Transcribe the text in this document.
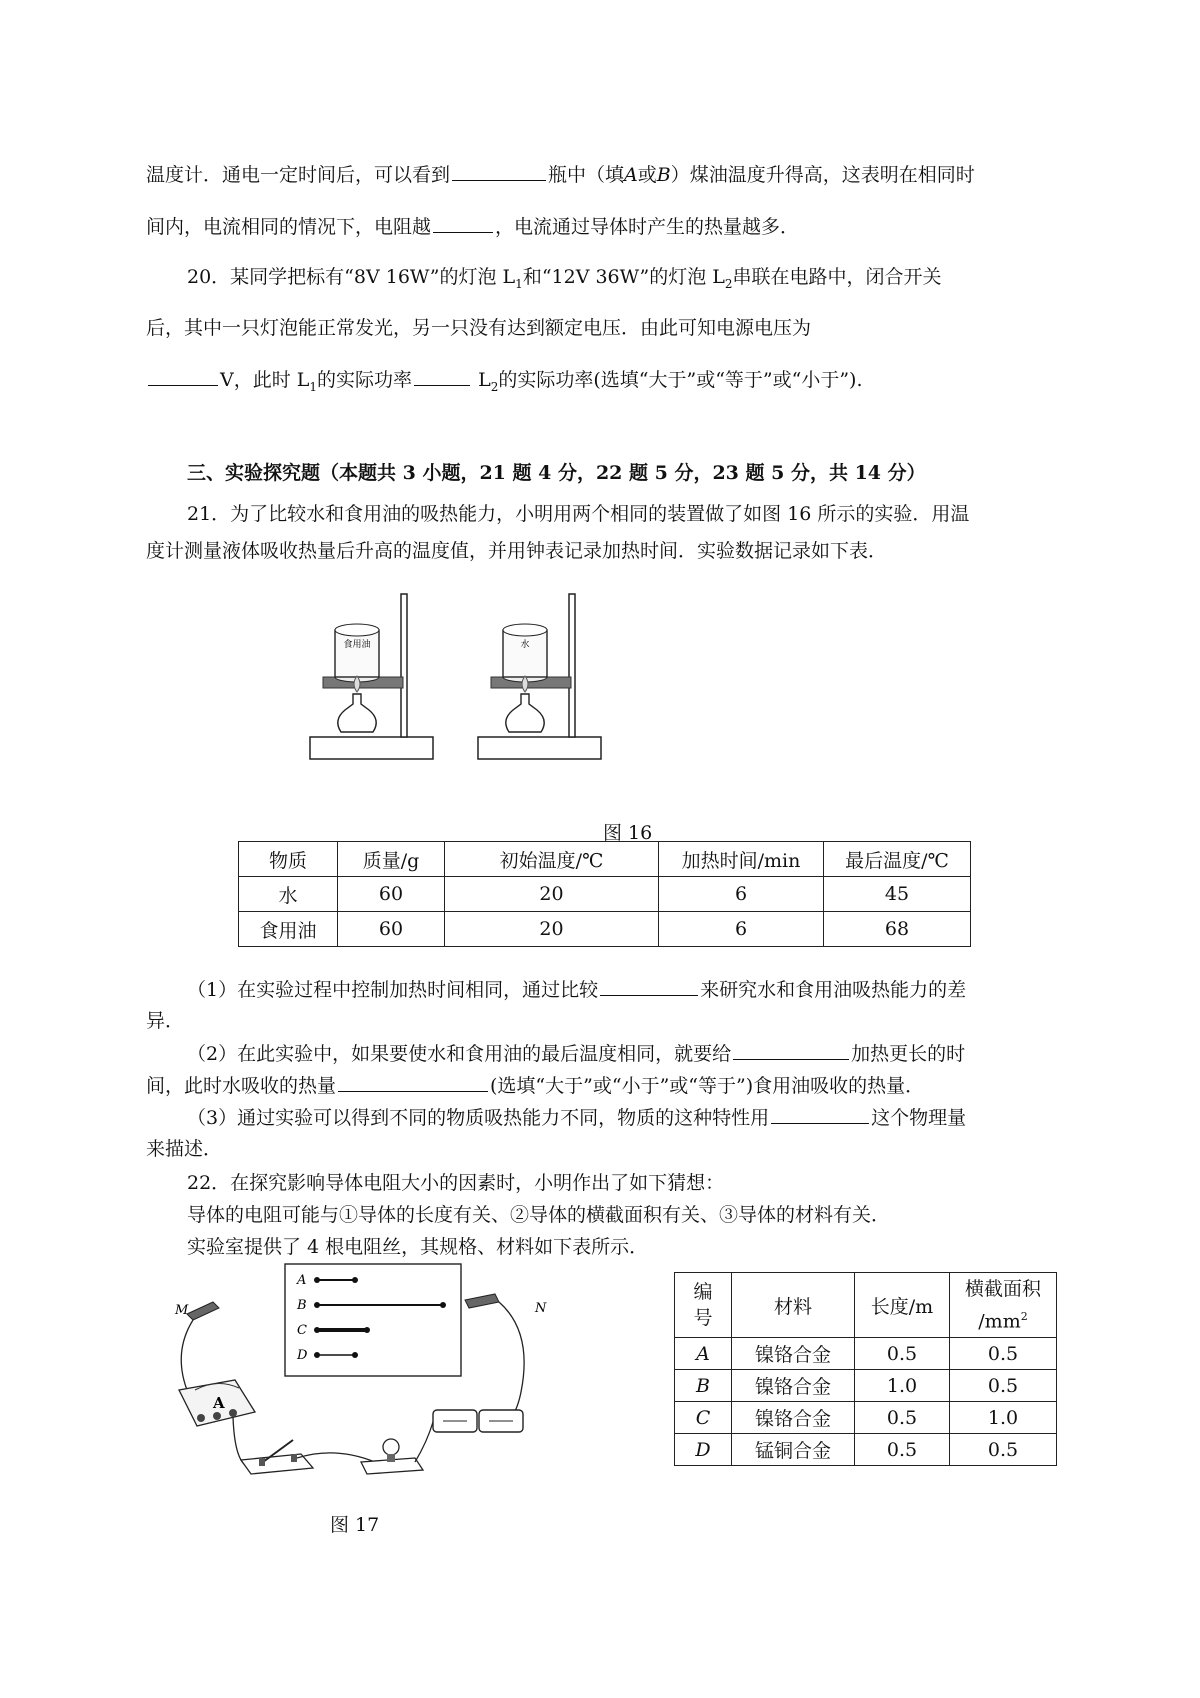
温度计．通电一定时间后，可以看到	瓶中（填A或B）煤油温度升得高，这表明在相同时
间内，电流相同的情况下，电阻越	，电流通过导体时产生的热量越多．
20．某同学把标有“8V 16W”的灯泡 $L_1$和“12V 36W”的灯泡 $L_2$串联在电路中，闭合开关
后，其中一只灯泡能正常发光，另一只没有达到额定电压．由此可知电源电压为
V，此时 $L_1$的实际功率	$L_2$的实际功率(选填“大于”或“等于”或“小于”).
三、实验探究题（本题共 3 小题，21 题 4 分，22 题 5 分，23 题 5 分，共 14 分）
21．为了比较水和食用油的吸热能力，小明用两个相同的装置做了如图 16 所示的实验．用温
度计测量液体吸收热量后升高的温度值，并用钟表记录加热时间．实验数据记录如下表．
食用油	水
图 16
物质	质量/g	初始温度/℃	加热时间/min	最后温度/℃
水	60	20	6	45
食用油	60	20	6	68
（1）在实验过程中控制加热时间相同，通过比较	来研究水和食用油吸热能力的差
异．
（2）在此实验中，如果要使水和食用油的最后温度相同，就要给	加热更长的时
间，此时水吸收的热量	(选填“大于”或“小于”或“等于”)食用油吸收的热量．
（3）通过实验可以得到不同的物质吸热能力不同，物质的这种特性用	这个物理量
来描述．
22．在探究影响导体电阻大小的因素时，小明作出了如下猜想：
导体的电阻可能与①导体的长度有关、②导体的横截面积有关、③导体的材料有关．
实验室提供了 4 根电阻丝，其规格、材料如下表所示．
A
B
C
D
M	N
A
图 17
编
号	材料	长度/m	横截面积
$/mm^2$
A	镍铬合金	0.5	0.5
B	镍铬合金	1.0	0.5
C	镍铬合金	0.5	1.0
D	锰铜合金	0.5	0.5
